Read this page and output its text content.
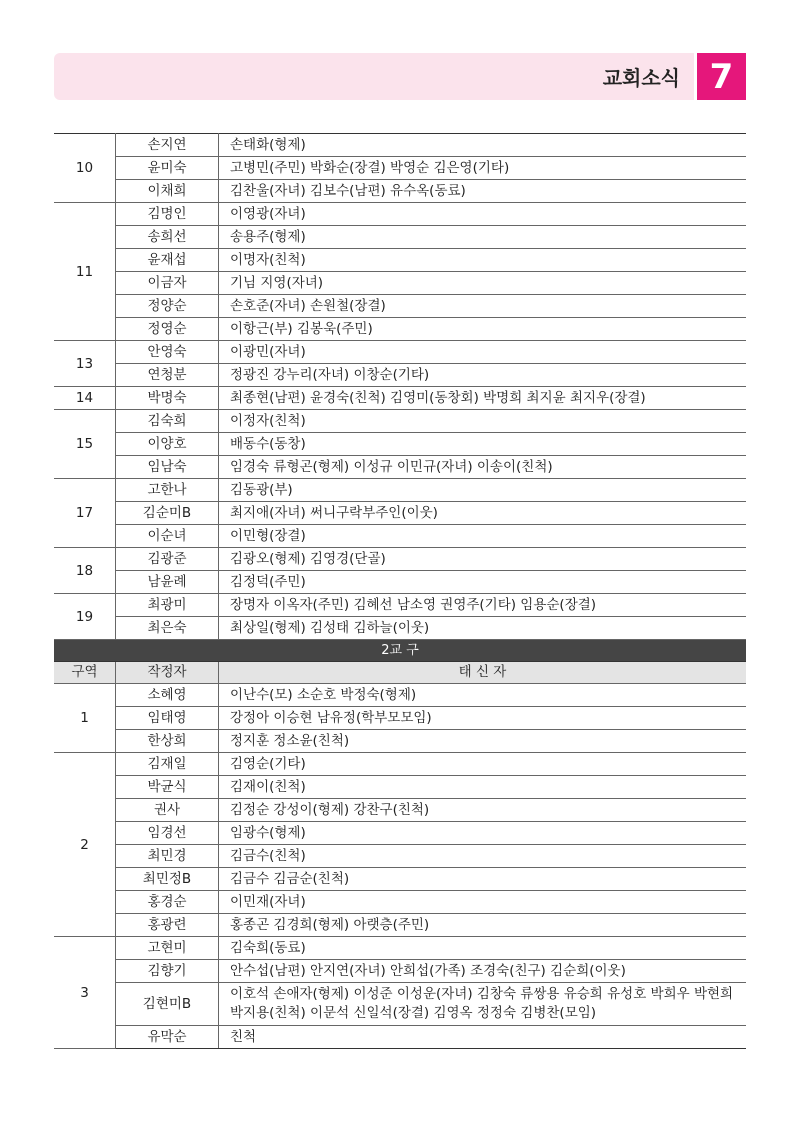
교회소식 7
10	손지연	손태화(형제)
	윤미숙	고병민(주민) 박화순(장결) 박영순 김은영(기타)
	이채희	김찬울(자녀) 김보수(남편) 유수옥(동료)
11	김명인	이영광(자녀)
	송희선	송용주(형제)
	윤재섭	이명자(친척)
	이금자	기님 지영(자녀)
	정양순	손호준(자녀) 손원철(장결)
	정영순	이항근(부) 김봉욱(주민)
13	안영숙	이광민(자녀)
	연청분	정광진 강누리(자녀) 이창순(기타)
14	박명숙	최종현(남편) 윤경숙(친척) 김영미(동창회) 박명희 최지윤 최지우(장결)
15	김숙희	이정자(친척)
	이양호	배동수(동창)
	임남숙	임경숙 류형곤(형제) 이성규 이민규(자녀) 이송이(친척)
17	고한나	김동광(부)
	김순미B	최지애(자녀) 써니구락부주인(이웃)
	이순녀	이민형(장결)
18	김광준	김광오(형제) 김영경(단골)
	남윤례	김정덕(주민)
19	최광미	장명자 이옥자(주민) 김혜선 남소영 권영주(기타) 임용순(장결)
	최은숙	최상일(형제) 김성태 김하늘(이웃)
2교 구		
구역	작정자	태 신 자
1	소혜영	이난수(모) 소순호 박정숙(형제)
	임태영	강정아 이승현 남유정(학부모모임)
	한상희	정지훈 정소윤(친척)
2	김재일	김영순(기타)
	박균식	김재이(친척)
	권사	김정순 강성이(형제) 강찬구(친척)
	임경선	임광수(형제)
	최민경	김금수(친척)
	최민정B	김금수 김금순(친척)
	홍경순	이민재(자녀)
	홍광련	홍종곤 김경희(형제) 아랫층(주민)
3	고현미	김숙희(동료)
	김향기	안수섭(남편) 안지연(자녀) 안희섭(가족) 조경숙(친구) 김순희(이웃)
	김현미B	이호석 손애자(형제) 이성준 이성운(자녀) 김창숙 류쌍용 유승희 유성호 박희우 박현희 박지용(친척) 이문석 신일석(장결) 김영옥 정정숙 김병찬(모임)
	유막순	친척
